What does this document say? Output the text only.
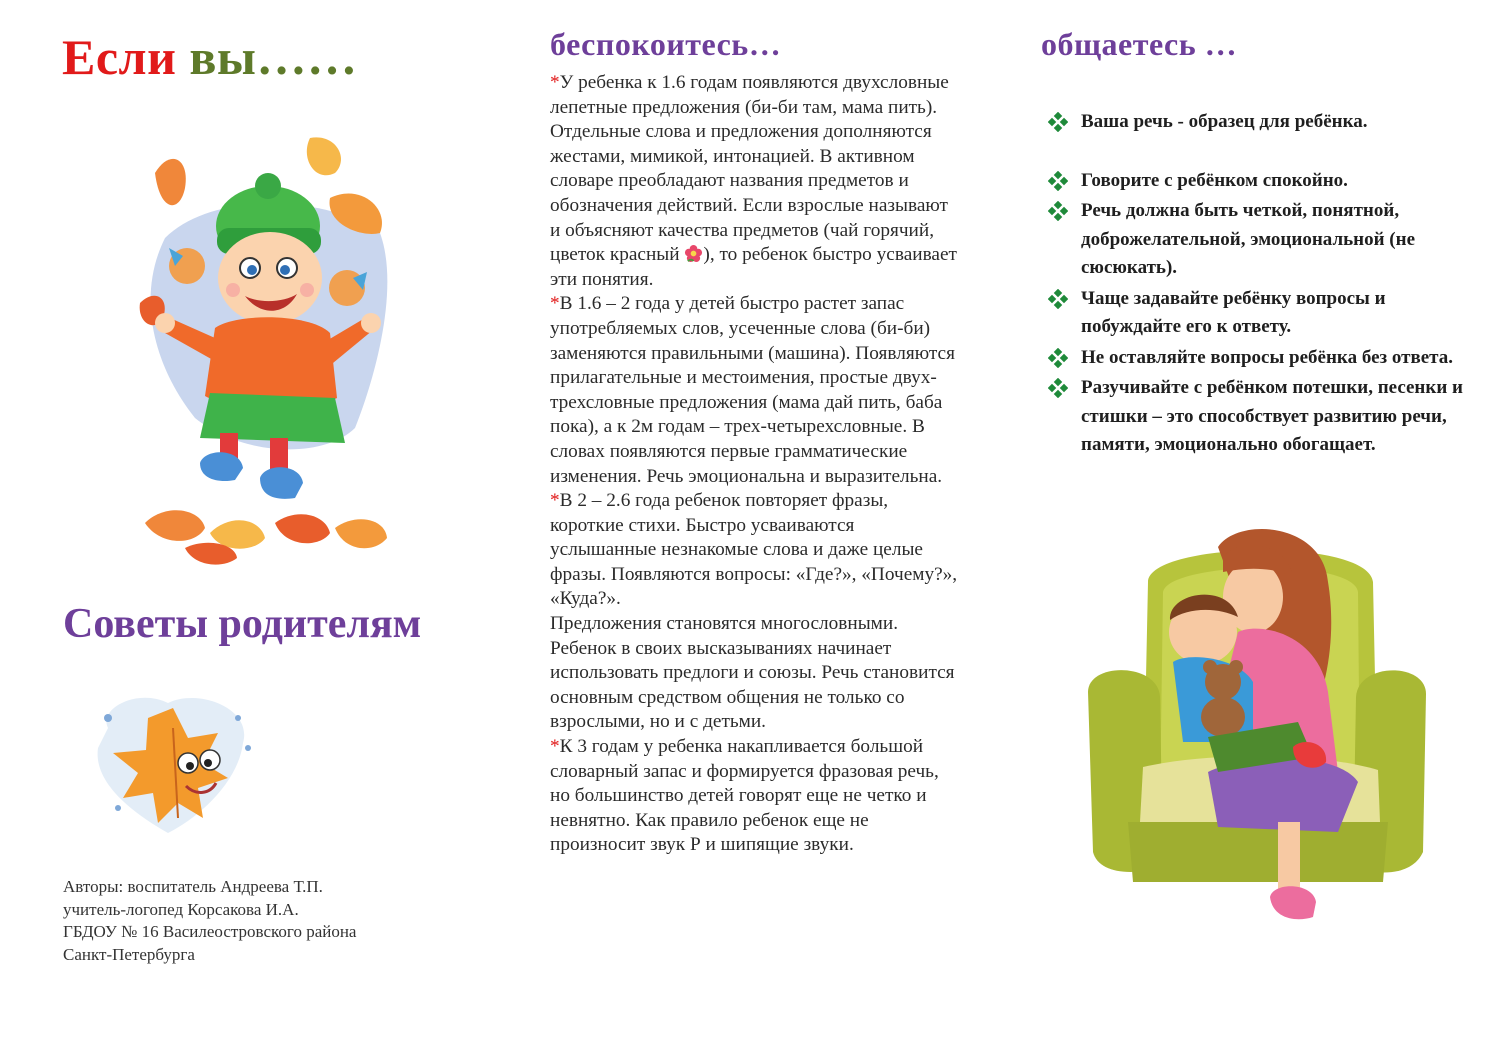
Если вы……
Советы родителям
Авторы: воспитатель Андреева Т.П.
учитель-логопед Корсакова И.А.
ГБДОУ № 16 Василеостровского района
Санкт-Петербурга
беспокоитесь…

*У ребенка к 1.6 годам появляются двухсловные лепетные предложения (би-би там, мама пить). Отдельные слова и предложения дополняются жестами, мимикой, интонацией. В активном словаре преобладают названия предметов и обозначения действий. Если взрослые называют и объясняют качества предметов (чай горячий, цветок красный ), то ребенок быстро усваивает эти понятия.

*В 1.6 – 2 года у детей быстро растет запас употребляемых слов, усеченные слова (би-би) заменяются правильными (машина). Появляются прилагательные и местоимения, простые двух-трехсловные предложения (мама дай пить, баба пока), а к 2м годам – трех-четырехсловные. В словах появляются первые грамматические изменения. Речь эмоциональна и выразительна.

*В 2 – 2.6 года ребенок повторяет фразы, короткие стихи. Быстро усваиваются услышанные незнакомые слова и даже целые фразы. Появляются вопросы: «Где?», «Почему?», «Куда?».

Предложения становятся многословными. Ребенок в своих высказываниях начинает использовать предлоги и союзы. Речь становится основным средством общения не только со взрослыми, но и с детьми.

*К 3 годам у ребенка накапливается большой словарный запас и формируется фразовая речь, но большинство детей говорят еще не четко и невнятно. Как правило ребенок еще не произносит звук Р и шипящие звуки.

общаетесь …
Ваша речь - образец для ребёнка.
Говорите с ребёнком спокойно.
Речь должна быть четкой, понятной, доброжелательной, эмоциональной (не сюсюкать).
Чаще задавайте ребёнку вопросы и побуждайте его к ответу.
Не оставляйте вопросы ребёнка без ответа.
Разучивайте с ребёнком потешки, песенки и стишки – это способствует развитию речи, памяти, эмоционально обогащает.
